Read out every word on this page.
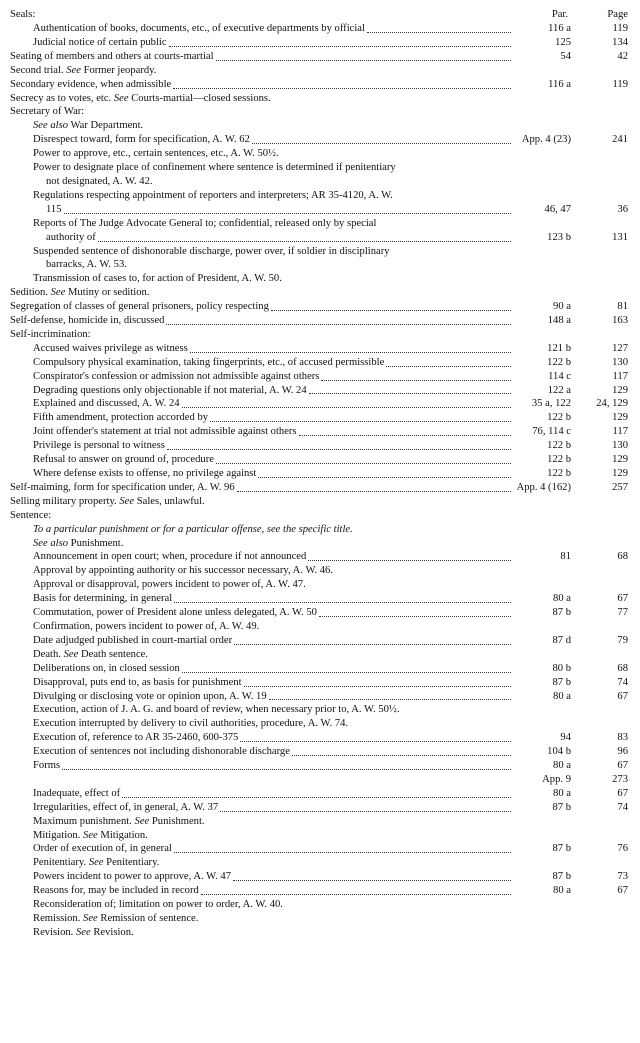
Seals:	Par.	Page
Authentication of books, documents, etc., of executive departments by official	116 a	119
Judicial notice of certain public	125	134
Seating of members and others at courts-martial	54	42
Second trial. See Former jeopardy.
Secondary evidence, when admissible	116 a	119
Secrecy as to votes, etc. See Courts-martial—closed sessions.
Secretary of War:
See also War Department.
Disrespect toward, form for specification, A. W. 62	App. 4 (23)	241
Power to approve, etc., certain sentences, etc., A. W. 50½.
Power to designate place of confinement where sentence is determined if penitentiary
not designated, A. W. 42.
Regulations respecting appointment of reporters and interpreters; AR 35-4120, A. W.
115	46, 47	36
Reports of The Judge Advocate General to; confidential, released only by special
authority of	123 b	131
Suspended sentence of dishonorable discharge, power over, if soldier in disciplinary
barracks, A. W. 53.
Transmission of cases to, for action of President, A. W. 50.
Sedition. See Mutiny or sedition.
Segregation of classes of general prisoners, policy respecting	90 a	81
Self-defense, homicide in, discussed	148 a	163
Self-incrimination:
Accused waives privilege as witness	121 b	127
Compulsory physical examination, taking fingerprints, etc., of accused permissible	122 b	130
Conspirator's confession or admission not admissible against others	114 c	117
Degrading questions only objectionable if not material, A. W. 24	122 a	129
Explained and discussed, A. W. 24	35 a, 122	24, 129
Fifth amendment, protection accorded by	122 b	129
Joint offender's statement at trial not admissible against others	76, 114 c	117
Privilege is personal to witness	122 b	130
Refusal to answer on ground of, procedure	122 b	129
Where defense exists to offense, no privilege against	122 b	129
Self-maiming, form for specification under, A. W. 96	App. 4 (162)	257
Selling military property. See Sales, unlawful.
Sentence:
To a particular punishment or for a particular offense, see the specific title.
See also Punishment.
Announcement in open court; when, procedure if not announced	81	68
Approval by appointing authority or his successor necessary, A. W. 46.
Approval or disapproval, powers incident to power of, A. W. 47.
Basis for determining, in general	80 a	67
Commutation, power of President alone unless delegated, A. W. 50	87 b	77
Confirmation, powers incident to power of, A. W. 49.
Date adjudged published in court-martial order	87 d	79
Death. See Death sentence.
Deliberations on, in closed session	80 b	68
Disapproval, puts end to, as basis for punishment	87 b	74
Divulging or disclosing vote or opinion upon, A. W. 19	80 a	67
Execution, action of J. A. G. and board of review, when necessary prior to, A. W. 50½.
Execution interrupted by delivery to civil authorities, procedure, A. W. 74.
Execution of, reference to AR 35-2460, 600-375	94	83
Execution of sentences not including dishonorable discharge	104 b	96
Forms	80 a	67
App. 9	273
Inadequate, effect of	80 a	67
Irregularities, effect of, in general, A. W. 37	87 b	74
Maximum punishment. See Punishment.
Mitigation. See Mitigation.
Order of execution of, in general	87 b	76
Penitentiary. See Penitentiary.
Powers incident to power to approve, A. W. 47	87 b	73
Reasons for, may be included in record	80 a	67
Reconsideration of; limitation on power to order, A. W. 40.
Remission. See Remission of sentence.
Revision. See Revision.
